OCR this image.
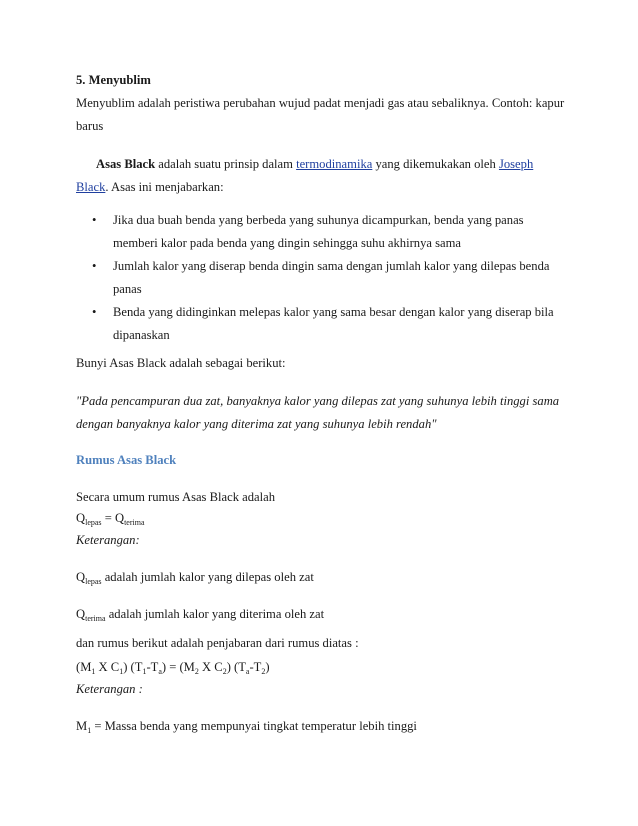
5. Menyublim

Menyublim adalah peristiwa perubahan wujud padat menjadi gas atau sebaliknya. Contoh: kapur barus

Asas Black adalah suatu prinsip dalam termodinamika yang dikemukakan oleh Joseph
Black. Asas ini menjabarkan:

• Jika dua buah benda yang berbeda yang suhunya dicampurkan, benda yang panas
memberi kalor pada benda yang dingin sehingga suhu akhirnya sama
• Jumlah kalor yang diserap benda dingin sama dengan jumlah kalor yang dilepas benda
panas
• Benda yang didinginkan melepas kalor yang sama besar dengan kalor yang diserap bila
dipanaskan

Bunyi Asas Black adalah sebagai berikut:

"Pada pencampuran dua zat, banyaknya kalor yang dilepas zat yang suhunya lebih tinggi sama

dengan banyaknya kalor yang diterima zat yang suhunya lebih rendah"

Rumus Asas Black

Secara umum rumus Asas Black adalah

$Q_{lepas} = Q_{terima}$

Keterangan:

$Q_{lepas}$ adalah jumlah kalor yang dilepas oleh zat

$Q_{terima}$ adalah jumlah kalor yang diterima oleh zat

dan rumus berikut adalah penjabaran dari rumus diatas :

($M_1$ X $C_1$) $(T_1-T_a) = (M_2$ X $C_2$) $(T_a-T_2)$

Keterangan :

$M_1$ = Massa benda yang mempunyai tingkat temperatur lebih tinggi
